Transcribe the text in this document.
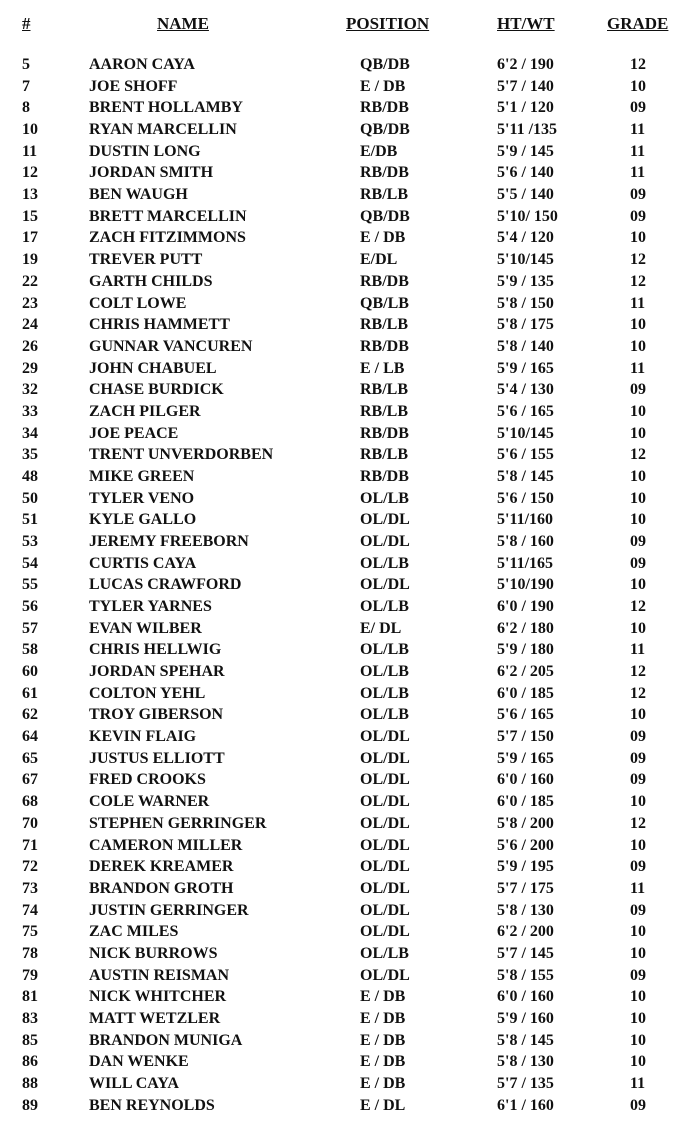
#	NAME	POSITION	HT/WT	GRADE
5	AARON CAYA	QB/DB	6'2 / 190	12
7	JOE SHOFF	E / DB	5'7 / 140	10
8	BRENT HOLLAMBY	RB/DB	5'1 / 120	09
10	RYAN MARCELLIN	QB/DB	5'11 /135	11
11	DUSTIN LONG	E/DB	5'9 / 145	11
12	JORDAN SMITH	RB/DB	5'6 / 140	11
13	BEN WAUGH	RB/LB	5'5 / 140	09
15	BRETT MARCELLIN	QB/DB	5'10/ 150	09
17	ZACH FITZIMMONS	E / DB	5'4 / 120	10
19	TREVER PUTT	E/DL	5'10/145	12
22	GARTH CHILDS	RB/DB	5'9 / 135	12
23	COLT LOWE	QB/LB	5'8 / 150	11
24	CHRIS HAMMETT	RB/LB	5'8 / 175	10
26	GUNNAR VANCUREN	RB/DB	5'8 / 140	10
29	JOHN CHABUEL	E / LB	5'9 / 165	11
32	CHASE BURDICK	RB/LB	5'4 / 130	09
33	ZACH PILGER	RB/LB	5'6 / 165	10
34	JOE PEACE	RB/DB	5'10/145	10
35	TRENT UNVERDORBEN	RB/LB	5'6 / 155	12
48	MIKE GREEN	RB/DB	5'8 / 145	10
50	TYLER VENO	OL/LB	5'6 / 150	10
51	KYLE GALLO	OL/DL	5'11/160	10
53	JEREMY FREEBORN	OL/DL	5'8 / 160	09
54	CURTIS CAYA	OL/LB	5'11/165	09
55	LUCAS CRAWFORD	OL/DL	5'10/190	10
56	TYLER YARNES	OL/LB	6'0 / 190	12
57	EVAN WILBER	E/ DL	6'2 / 180	10
58	CHRIS HELLWIG	OL/LB	5'9 / 180	11
60	JORDAN SPEHAR	OL/LB	6'2 / 205	12
61	COLTON YEHL	OL/LB	6'0 / 185	12
62	TROY GIBERSON	OL/LB	5'6 / 165	10
64	KEVIN FLAIG	OL/DL	5'7 / 150	09
65	JUSTUS ELLIOTT	OL/DL	5'9 / 165	09
67	FRED CROOKS	OL/DL	6'0 / 160	09
68	COLE WARNER	OL/DL	6'0 / 185	10
70	STEPHEN GERRINGER	OL/DL	5'8 / 200	12
71	CAMERON MILLER	OL/DL	5'6 / 200	10
72	DEREK KREAMER	OL/DL	5'9 / 195	09
73	BRANDON GROTH	OL/DL	5'7 / 175	11
74	JUSTIN GERRINGER	OL/DL	5'8 / 130	09
75	ZAC MILES	OL/DL	6'2 / 200	10
78	NICK BURROWS	OL/LB	5'7 / 145	10
79	AUSTIN REISMAN	OL/DL	5'8 / 155	09
81	NICK WHITCHER	E / DB	6'0 / 160	10
83	MATT WETZLER	E / DB	5'9 / 160	10
85	BRANDON MUNIGA	E / DB	5'8 / 145	10
86	DAN WENKE	E / DB	5'8 / 130	10
88	WILL CAYA	E / DB	5'7 / 135	11
89	BEN REYNOLDS	E / DL	6'1 / 160	09
